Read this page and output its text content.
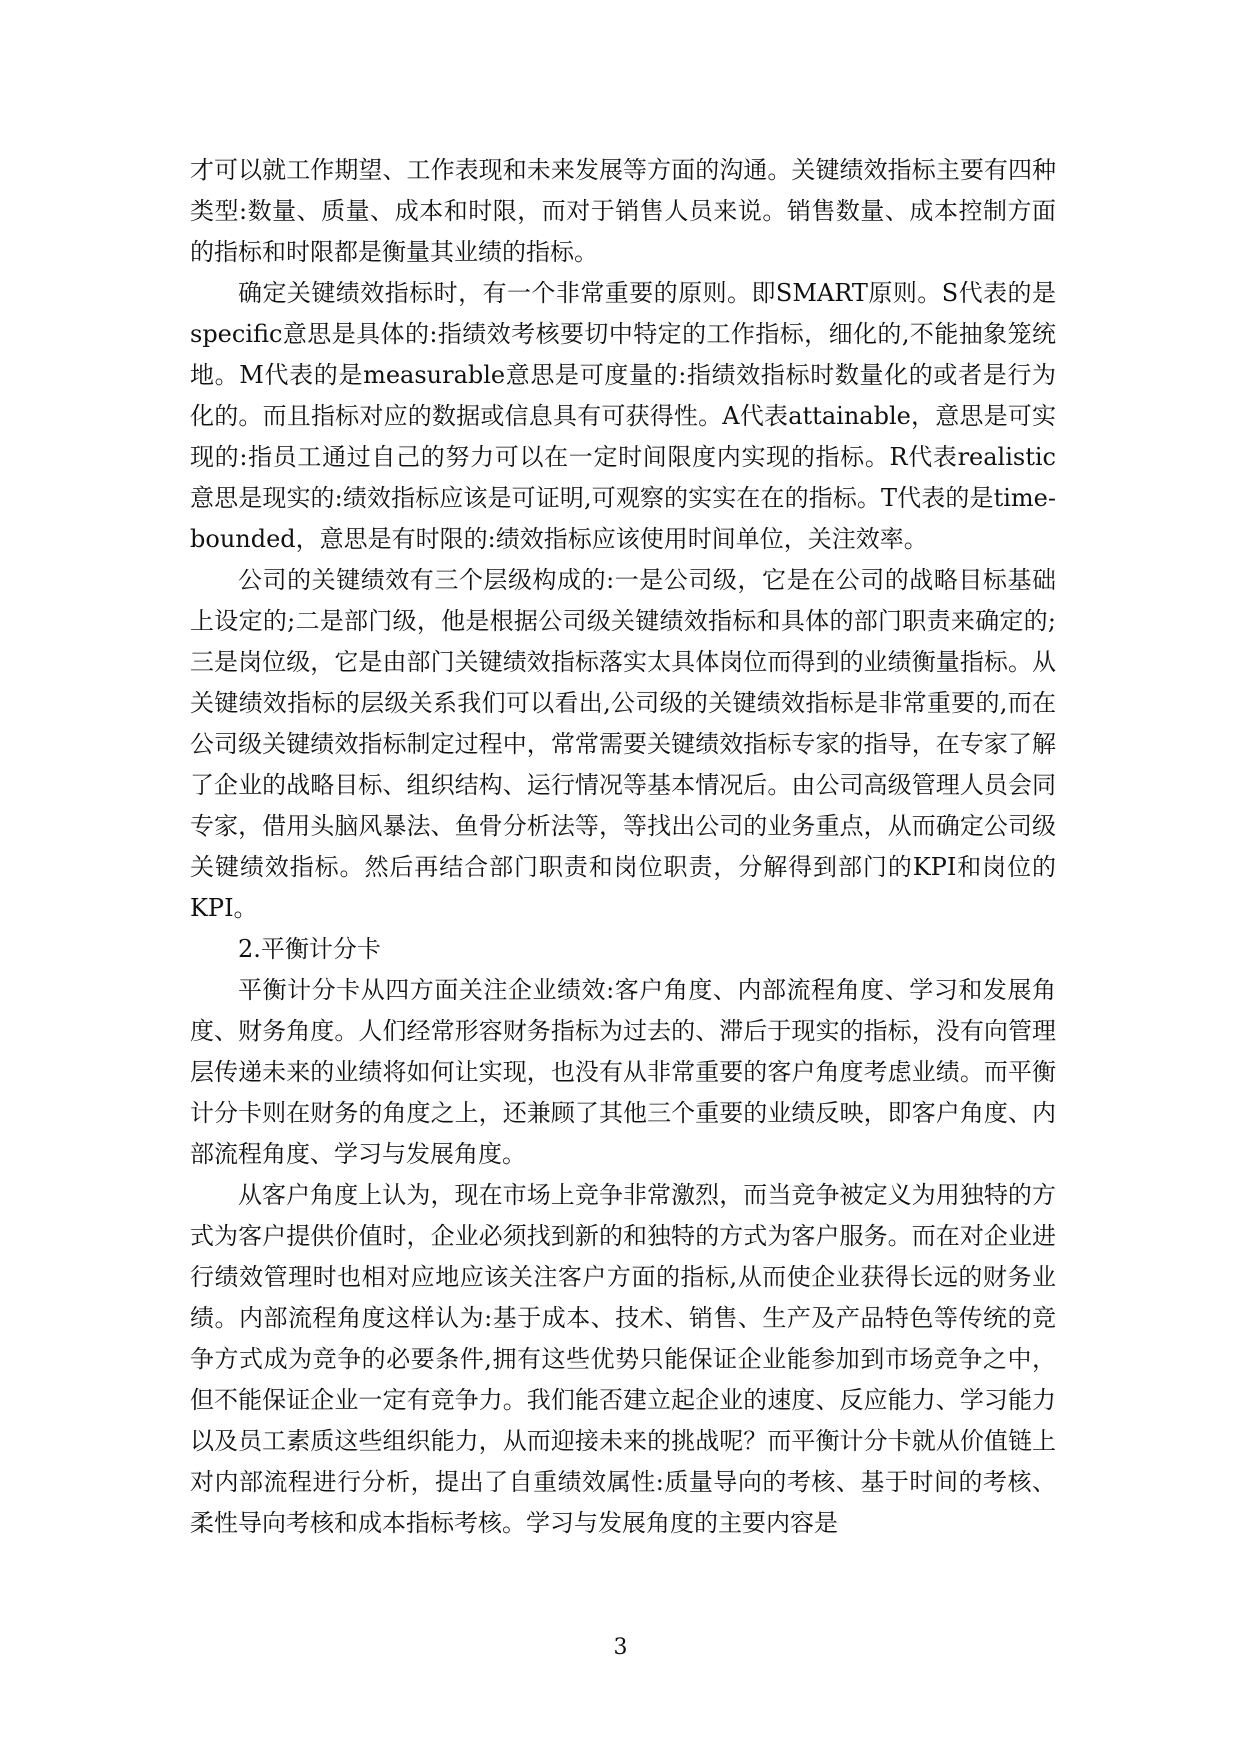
才可以就工作期望、工作表现和未来发展等方面的沟通。关键绩效指标主要有四种类型:数量、质量、成本和时限，而对于销售人员来说。销售数量、成本控制方面的指标和时限都是衡量其业绩的指标。

确定关键绩效指标时，有一个非常重要的原则。即SMART原则。S代表的是specific意思是具体的:指绩效考核要切中特定的工作指标，细化的,不能抽象笼统地。M代表的是measurable意思是可度量的:指绩效指标时数量化的或者是行为化的。而且指标对应的数据或信息具有可获得性。A代表attainable，意思是可实现的:指员工通过自己的努力可以在一定时间限度内实现的指标。R代表realistic意思是现实的:绩效指标应该是可证明,可观察的实实在在的指标。T代表的是time-bounded，意思是有时限的:绩效指标应该使用时间单位，关注效率。

公司的关键绩效有三个层级构成的:一是公司级，它是在公司的战略目标基础上设定的;二是部门级，他是根据公司级关键绩效指标和具体的部门职责来确定的;三是岗位级，它是由部门关键绩效指标落实太具体岗位而得到的业绩衡量指标。从关键绩效指标的层级关系我们可以看出,公司级的关键绩效指标是非常重要的,而在公司级关键绩效指标制定过程中，常常需要关键绩效指标专家的指导，在专家了解了企业的战略目标、组织结构、运行情况等基本情况后。由公司高级管理人员会同专家，借用头脑风暴法、鱼骨分析法等，等找出公司的业务重点，从而确定公司级关键绩效指标。然后再结合部门职责和岗位职责，分解得到部门的KPI和岗位的KPI。

2.平衡计分卡

平衡计分卡从四方面关注企业绩效:客户角度、内部流程角度、学习和发展角度、财务角度。人们经常形容财务指标为过去的、滞后于现实的指标，没有向管理层传递未来的业绩将如何让实现，也没有从非常重要的客户角度考虑业绩。而平衡计分卡则在财务的角度之上，还兼顾了其他三个重要的业绩反映，即客户角度、内部流程角度、学习与发展角度。

从客户角度上认为，现在市场上竞争非常激烈，而当竞争被定义为用独特的方式为客户提供价值时，企业必须找到新的和独特的方式为客户服务。而在对企业进行绩效管理时也相对应地应该关注客户方面的指标,从而使企业获得长远的财务业绩。内部流程角度这样认为:基于成本、技术、销售、生产及产品特色等传统的竞争方式成为竞争的必要条件,拥有这些优势只能保证企业能参加到市场竞争之中，但不能保证企业一定有竞争力。我们能否建立起企业的速度、反应能力、学习能力以及员工素质这些组织能力，从而迎接未来的挑战呢？而平衡计分卡就从价值链上对内部流程进行分析，提出了自重绩效属性:质量导向的考核、基于时间的考核、柔性导向考核和成本指标考核。学习与发展角度的主要内容是

3
